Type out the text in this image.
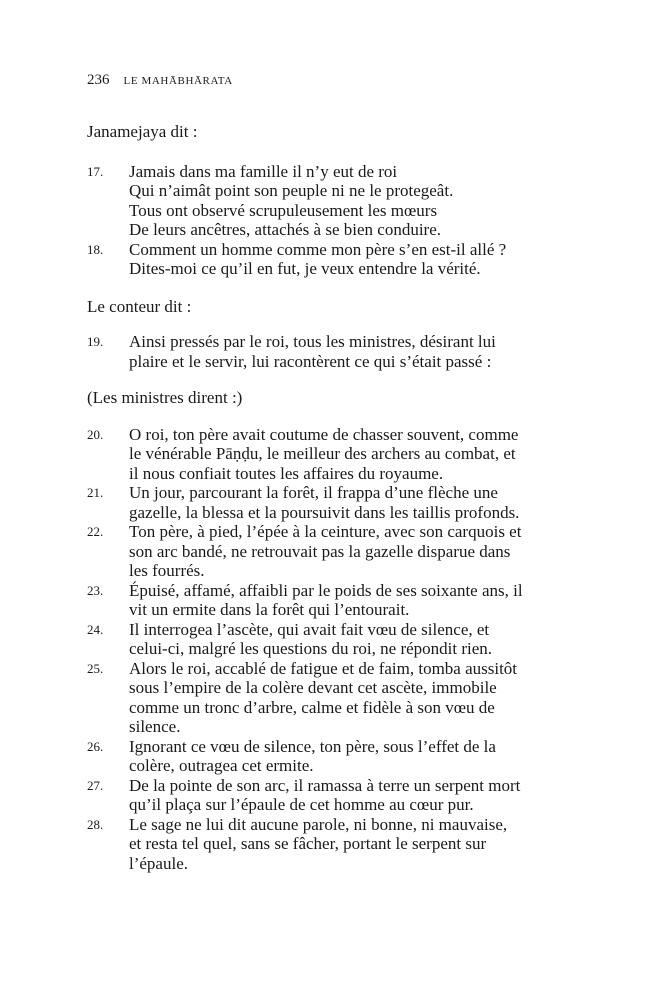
236 LE MAHĀBHĀRATA

Janamejaya dit :

17.	Jamais dans ma famille il n’y eut de roi
Qui n’aimât point son peuple ni ne le protegeât.
Tous ont observé scrupuleusement les mœurs
De leurs ancêtres, attachés à se bien conduire.
18.	Comment un homme comme mon père s’en est-il allé ?
Dites-moi ce qu’il en fut, je veux entendre la vérité.

Le conteur dit :

19.	Ainsi pressés par le roi, tous les ministres, désirant lui
plaire et le servir, lui racontèrent ce qui s’était passé :

(Les ministres dirent :)

20.	O roi, ton père avait coutume de chasser souvent, comme
le vénérable Pāṇḍu, le meilleur des archers au combat, et
il nous confiait toutes les affaires du royaume.
21.	Un jour, parcourant la forêt, il frappa d’une flèche une
gazelle, la blessa et la poursuivit dans les taillis profonds.
22.	Ton père, à pied, l’épée à la ceinture, avec son carquois et
son arc bandé, ne retrouvait pas la gazelle disparue dans
les fourrés.
23.	Épuisé, affamé, affaibli par le poids de ses soixante ans, il
vit un ermite dans la forêt qui l’entourait.
24.	Il interrogea l’ascète, qui avait fait vœu de silence, et
celui-ci, malgré les questions du roi, ne répondit rien.
25.	Alors le roi, accablé de fatigue et de faim, tomba aussitôt
sous l’empire de la colère devant cet ascète, immobile
comme un tronc d’arbre, calme et fidèle à son vœu de
silence.
26.	Ignorant ce vœu de silence, ton père, sous l’effet de la
colère, outragea cet ermite.
27.	De la pointe de son arc, il ramassa à terre un serpent mort
qu’il plaça sur l’épaule de cet homme au cœur pur.
28.	Le sage ne lui dit aucune parole, ni bonne, ni mauvaise,
et resta tel quel, sans se fâcher, portant le serpent sur
l’épaule.
